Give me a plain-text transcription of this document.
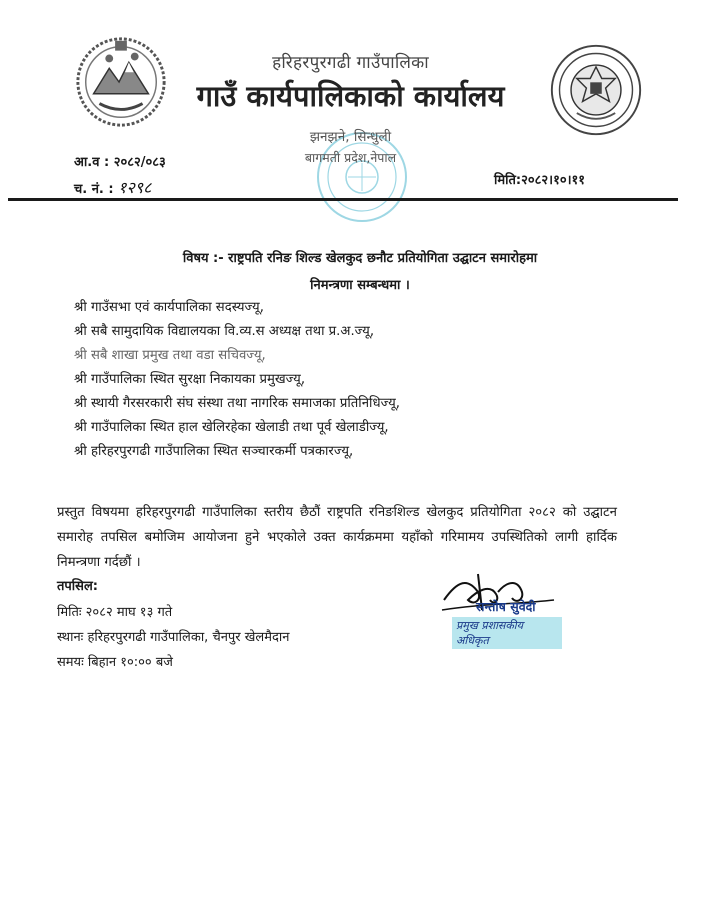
हरिहरपुरगढी गाउँपालिका
गाउँ कार्यपालिकाको कार्यालय
झनझने, सिन्धुली
बागमती प्रदेश,नेपाल
आ.व : २०८२/०८३
च. नं. : १२९८	मिति:२०८२।१०।११
विषय :- राष्ट्रपति रनिङ शिल्ड खेलकुद छनौट प्रतियोगिता उद्घाटन समारोहमा
निमन्त्रणा सम्बन्धमा ।
श्री गाउँसभा एवं कार्यपालिका सदस्यज्यू,
श्री सबै सामुदायिक विद्यालयका वि.व्य.स अध्यक्ष तथा प्र.अ.ज्यू,
श्री सबै शाखा प्रमुख तथा वडा सचिवज्यू,
श्री गाउँपालिका स्थित सुरक्षा निकायका प्रमुखज्यू,
श्री स्थायी गैरसरकारी संघ संस्था तथा नागरिक समाजका प्रतिनिधिज्यू,
श्री गाउँपालिका स्थित हाल खेलिरहेका खेलाडी तथा पूर्व खेलाडीज्यू,
श्री हरिहरपुरगढी गाउँपालिका स्थित सञ्चारकर्मी पत्रकारज्यू,

प्रस्तुत विषयमा हरिहरपुरगढी गाउँपालिका स्तरीय छैठौं राष्ट्रपति रनिङशिल्ड खेलकुद प्रतियोगिता २०८२ को उद्घाटन समारोह तपसिल बमोजिम आयोजना हुने भएकोले उक्त कार्यक्रममा यहाँको गरिमामय उपस्थितिको लागी हार्दिक निमन्त्रणा गर्दछौं ।

तपसिल:
मितिः २०८२ माघ १३ गते
स्थानः हरिहरपुरगढी गाउँपालिका, चैनपुर खेलमैदान
समयः बिहान १०:०० बजे
सन्तोष सुवेदी
प्रमुख प्रशासकीय अधिकृत
